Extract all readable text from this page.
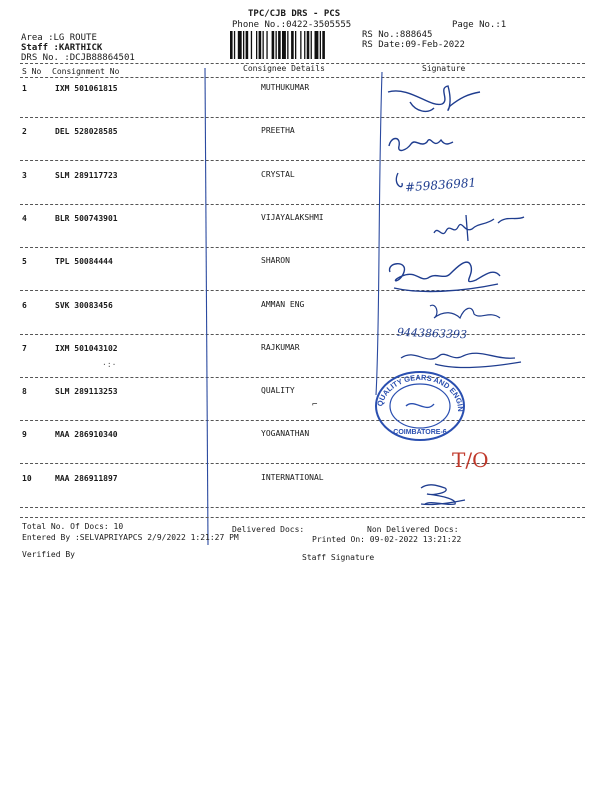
TPC/CJB DRS - PCS
Phone No.:0422-3505555	Page No.:1
RS No.:888645
RS Date:09-Feb-2022
Area :LG ROUTE
Staff :KARTHICK
DRS No. :DCJB88864501
S No Consignment No	Consignee Details	Signature
1	IXM 501061815	MUTHUKUMAR
2	DEL 528028585	PREETHA
3	SLM 289117723	CRYSTAL
4	BLR 500743901	VIJAYALAKSHMI
5	TPL 50084444	SHARON
6	SVK 30083456	AMMAN ENG
7	IXM 501043102	RAJKUMAR
8	SLM 289113253	QUALITY
9	MAA 286910340	YOGANATHAN
10	MAA 286911897	INTERNATIONAL
#59836981
9443863393
QUALITY GEARS AND ENGINEERING
COIMBATORE-6
T/O
·:·
⌐
Total No. Of Docs: 10	Delivered Docs:	Non Delivered Docs:
Entered By :SELVAPRIYAPCS 2/9/2022 1:21:27 PM	Printed On: 09-02-2022 13:21:22
Verified By	Staff Signature
